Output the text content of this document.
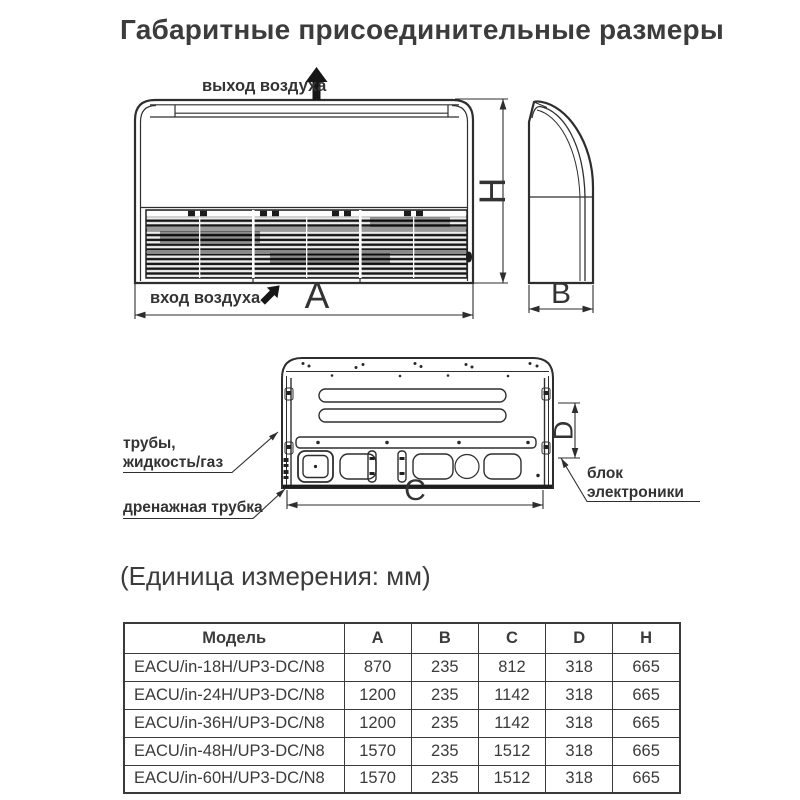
Габаритные присоединительные размеры
выход воздуха
вход воздуха A
H
B
трубы,
жидкость/газ
дренажная трубка
блок
электроники
C
D
(Единица измерения: мм)
Модель	A	B	C	D	H
EACU/in-18H/UP3-DC/N8	870	235	812	318	665
EACU/in-24H/UP3-DC/N8	1200	235	1142	318	665
EACU/in-36H/UP3-DC/N8	1200	235	1142	318	665
EACU/in-48H/UP3-DC/N8	1570	235	1512	318	665
EACU/in-60H/UP3-DC/N8	1570	235	1512	318	665
